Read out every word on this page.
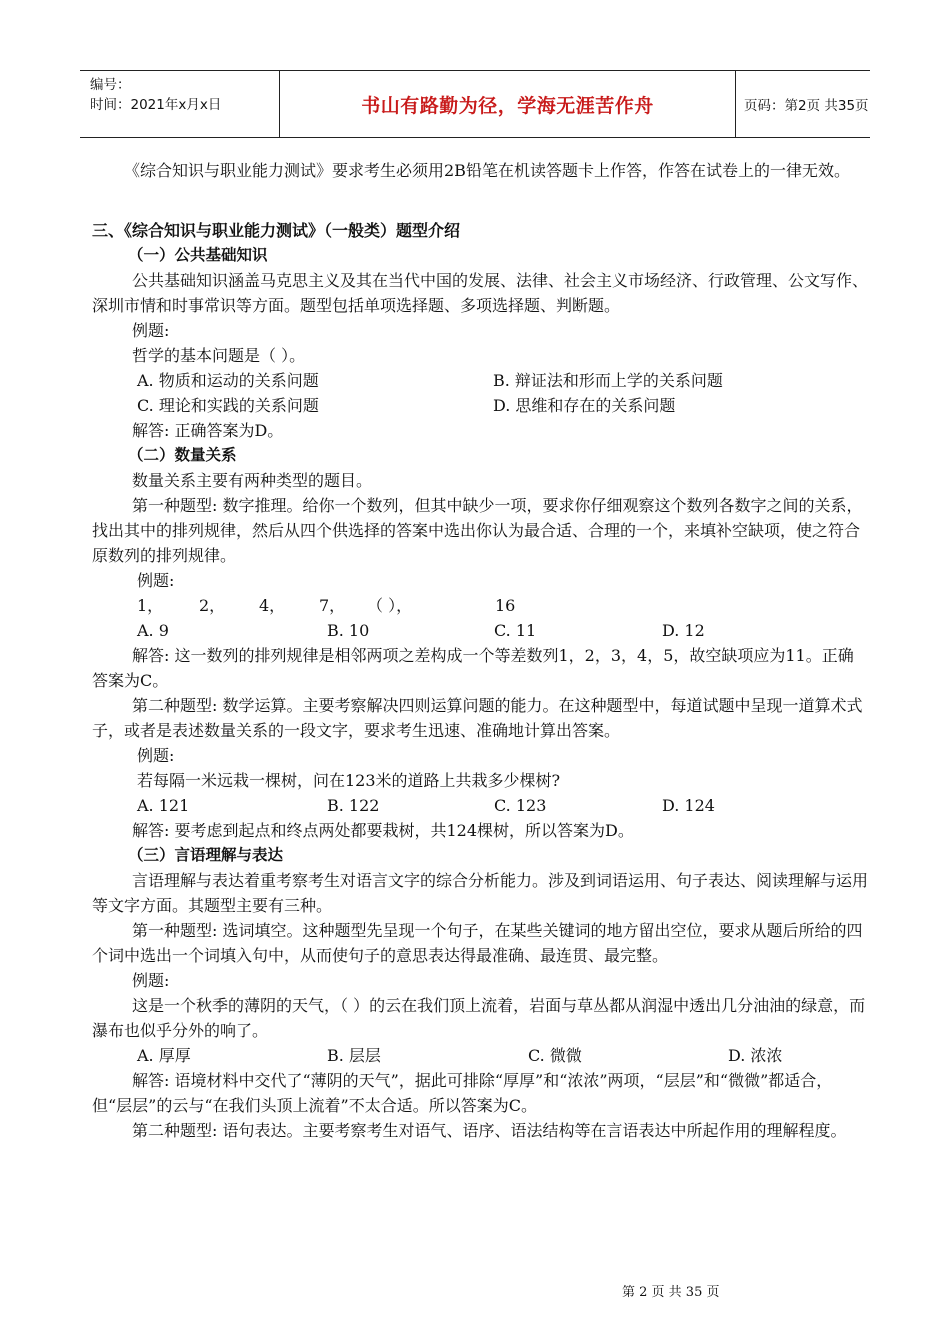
编号：
时间：2021年x月x日	书山有路勤为径，学海无涯苦作舟	页码：第2页 共35页

《综合知识与职业能力测试》要求考生必须用2B铅笔在机读答题卡上作答，作答在试卷上的一律无效。

三、《综合知识与职业能力测试》（一般类）题型介绍

（一）公共基础知识

公共基础知识涵盖马克思主义及其在当代中国的发展、法律、社会主义市场经济、行政管理、公文写作、深圳市情和时事常识等方面。题型包括单项选择题、多项选择题、判断题。

例题:

哲学的基本问题是（ ）。

A. 物质和运动的关系问题	B. 辩证法和形而上学的关系问题
C. 理论和实践的关系问题	D. 思维和存在的关系问题

解答: 正确答案为D。

（二）数量关系

数量关系主要有两种类型的题目。

第一种题型: 数字推理。给你一个数列，但其中缺少一项，要求你仔细观察这个数列各数字之间的关系，找出其中的排列规律，然后从四个供选择的答案中选出你认为最合适、合理的一个，来填补空缺项，使之符合原数列的排列规律。

例题:

1，	2，	4，	7，	（ ），	16
A. 9	B. 10	C. 11	D. 12

解答: 这一数列的排列规律是相邻两项之差构成一个等差数列1，2，3，4，5，故空缺项应为11。正确答案为C。

第二种题型: 数学运算。主要考察解决四则运算问题的能力。在这种题型中，每道试题中呈现一道算术式子，或者是表述数量关系的一段文字，要求考生迅速、准确地计算出答案。

例题:

若每隔一米远栽一棵树，问在123米的道路上共栽多少棵树?

A. 121	B. 122	C. 123	D. 124

解答: 要考虑到起点和终点两处都要栽树，共124棵树，所以答案为D。

（三）言语理解与表达

言语理解与表达着重考察考生对语言文字的综合分析能力。涉及到词语运用、句子表达、阅读理解与运用等文字方面。其题型主要有三种。

第一种题型: 选词填空。这种题型先呈现一个句子，在某些关键词的地方留出空位，要求从题后所给的四个词中选出一个词填入句中，从而使句子的意思表达得最准确、最连贯、最完整。

例题:

这是一个秋季的薄阴的天气，（ ）的云在我们顶上流着，岩面与草丛都从润湿中透出几分油油的绿意，而瀑布也似乎分外的响了。

A. 厚厚	B. 层层	C. 微微	D. 浓浓

解答: 语境材料中交代了“薄阴的天气”，据此可排除“厚厚”和“浓浓”两项，“层层”和“微微”都适合，但“层层”的云与“在我们头顶上流着”不太合适。所以答案为C。

第二种题型: 语句表达。主要考察考生对语气、语序、语法结构等在言语表达中所起作用的理解程度。

第 2 页 共 35 页
